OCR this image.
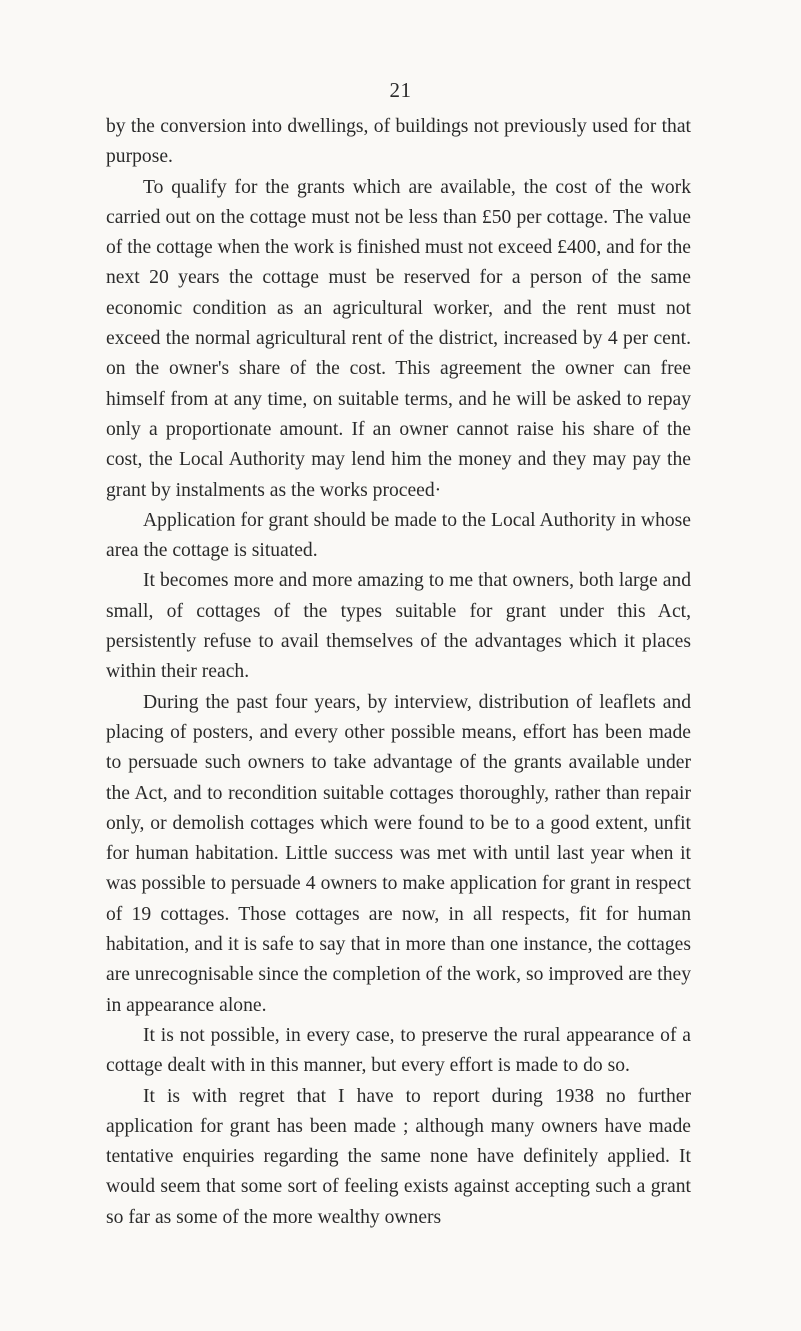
21

by the conversion into dwellings, of buildings not previously used for that purpose.

To qualify for the grants which are available, the cost of the work carried out on the cottage must not be less than £50 per cottage. The value of the cottage when the work is finished must not exceed £400, and for the next 20 years the cottage must be reserved for a person of the same economic condition as an agricultural worker, and the rent must not exceed the normal agricultural rent of the district, increased by 4 per cent. on the owner's share of the cost. This agreement the owner can free himself from at any time, on suitable terms, and he will be asked to repay only a proportionate amount. If an owner cannot raise his share of the cost, the Local Authority may lend him the money and they may pay the grant by instalments as the works proceed·

Application for grant should be made to the Local Authority in whose area the cottage is situated.

It becomes more and more amazing to me that owners, both large and small, of cottages of the types suitable for grant under this Act, persistently refuse to avail themselves of the advantages which it places within their reach.

During the past four years, by interview, distribution of leaflets and placing of posters, and every other possible means, effort has been made to persuade such owners to take advantage of the grants available under the Act, and to recondition suitable cottages thoroughly, rather than repair only, or demolish cottages which were found to be to a good extent, unfit for human habitation. Little success was met with until last year when it was possible to persuade 4 owners to make application for grant in respect of 19 cottages. Those cottages are now, in all respects, fit for human habitation, and it is safe to say that in more than one instance, the cottages are unrecognisable since the completion of the work, so improved are they in appearance alone.

It is not possible, in every case, to preserve the rural appearance of a cottage dealt with in this manner, but every effort is made to do so.

It is with regret that I have to report during 1938 no further application for grant has been made ; although many owners have made tentative enquiries regarding the same none have definitely applied. It would seem that some sort of feeling exists against accepting such a grant so far as some of the more wealthy owners
